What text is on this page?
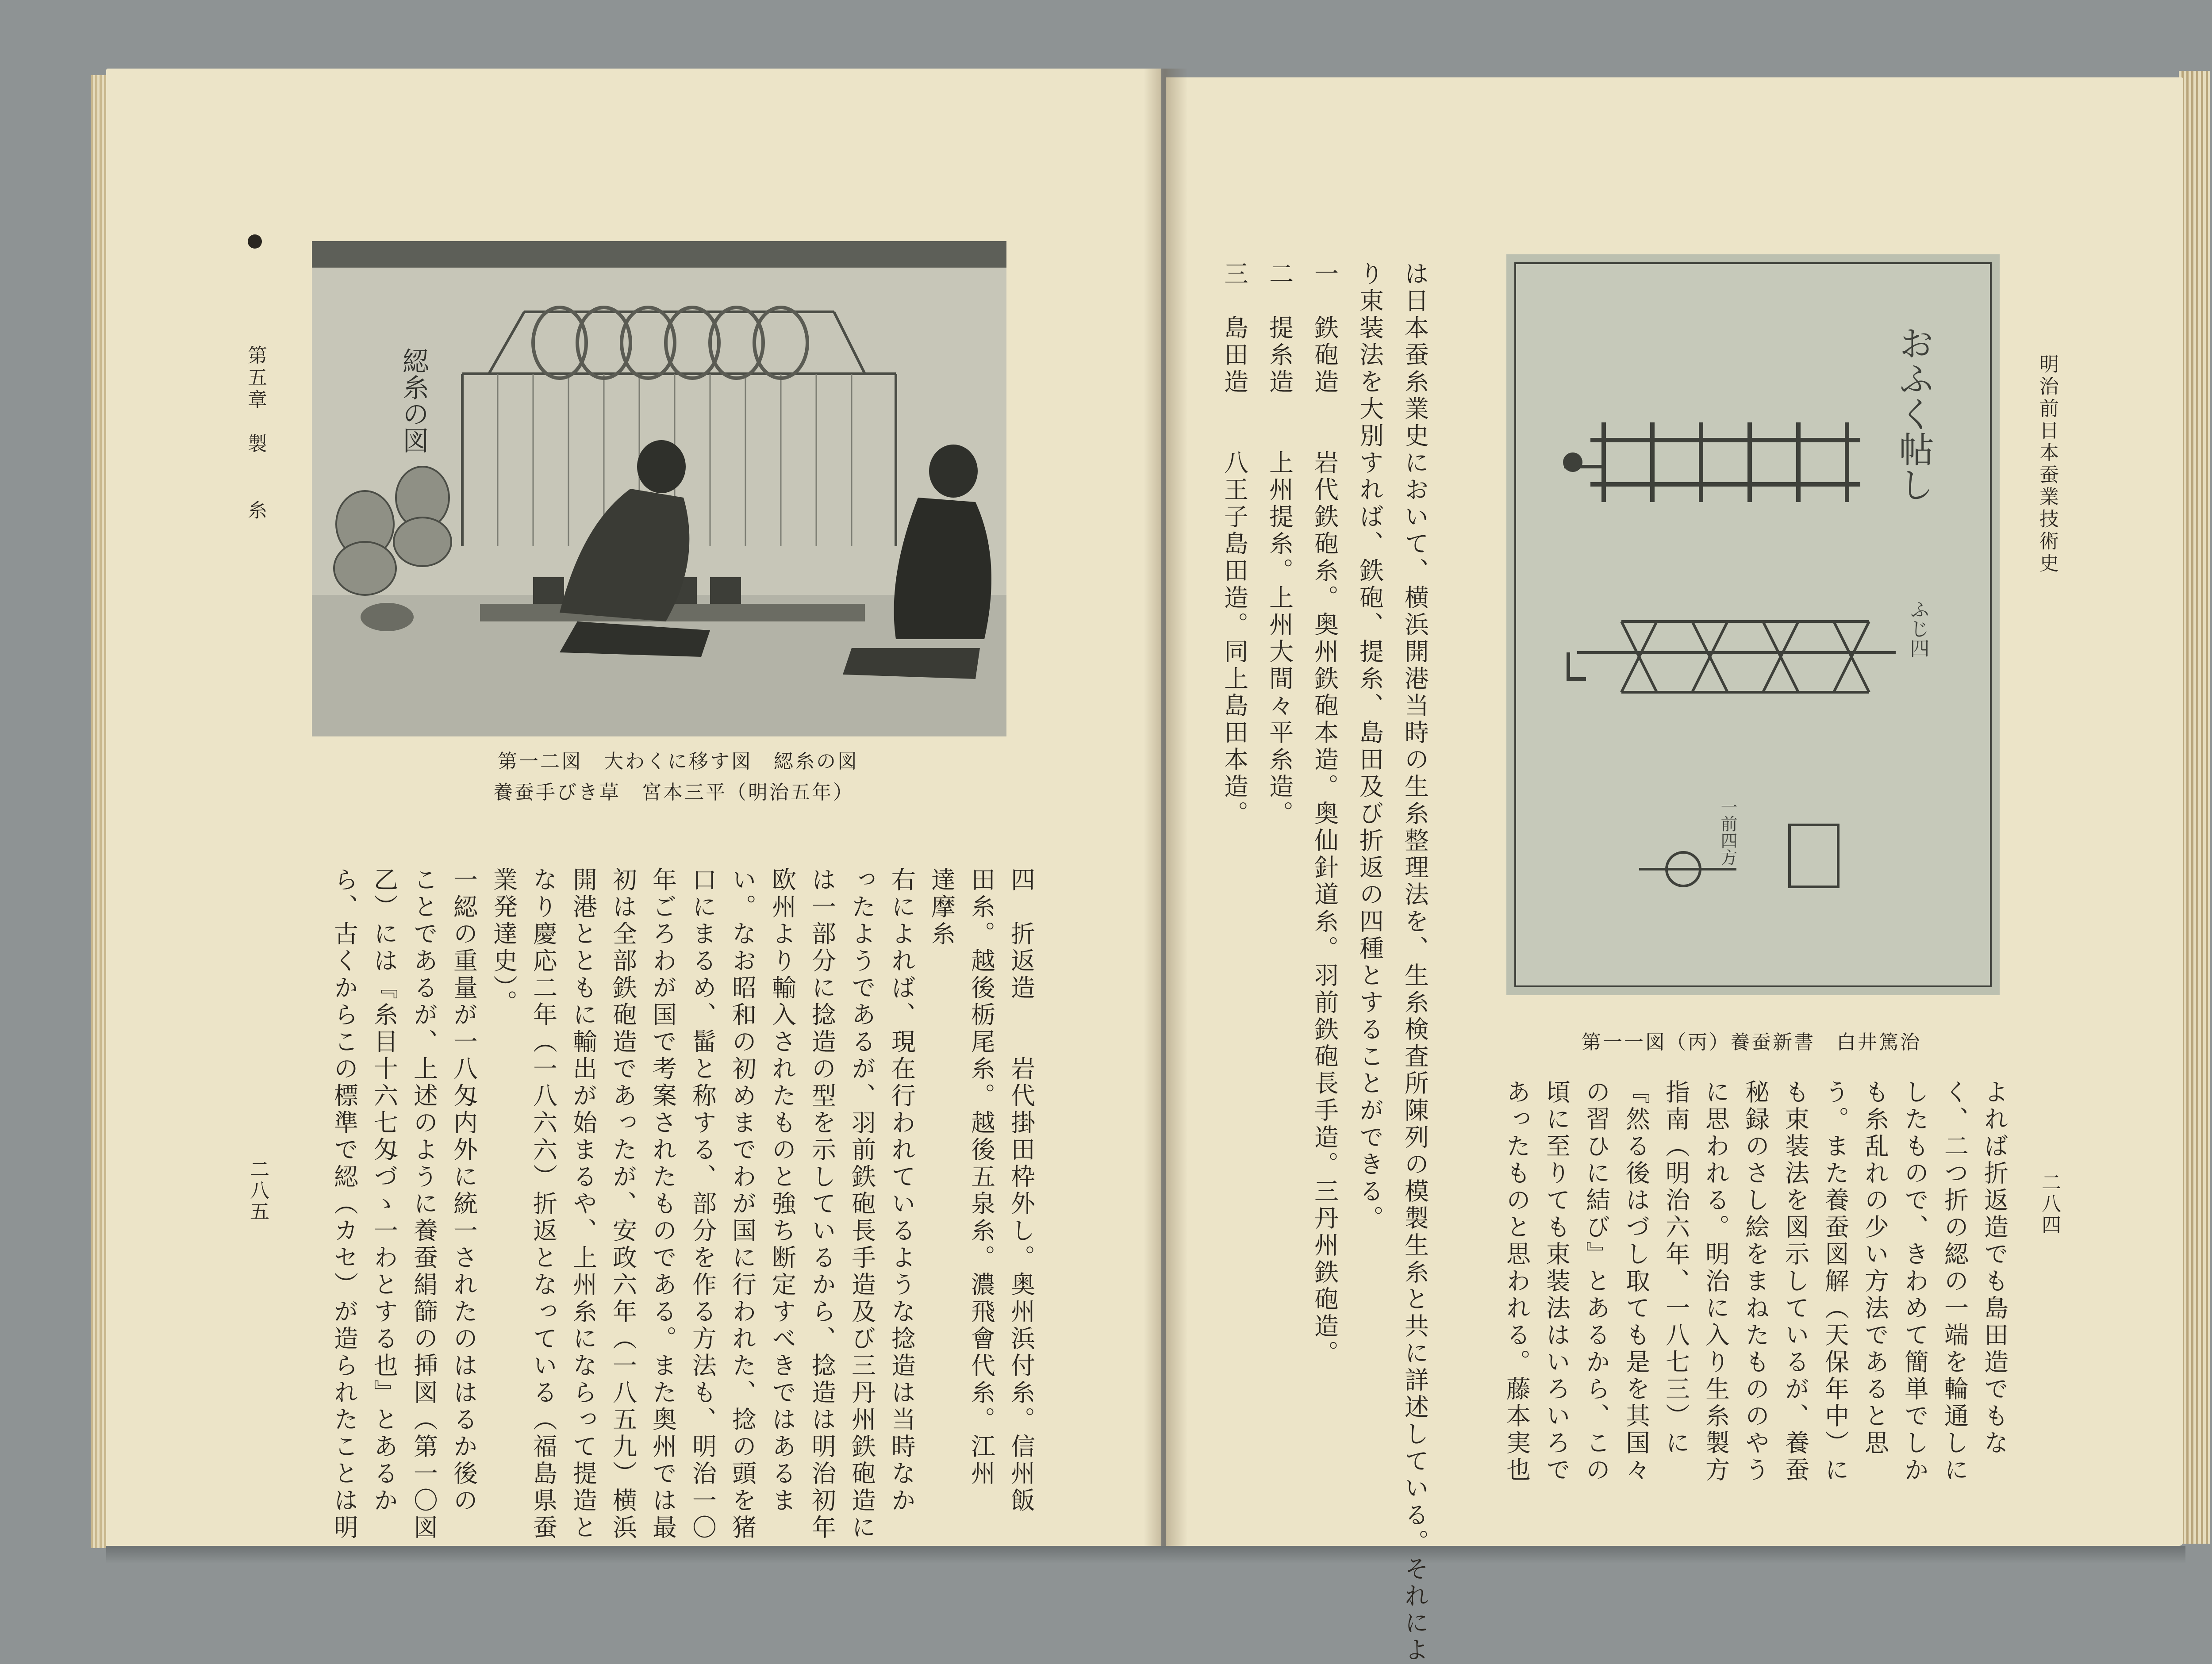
第五章　製　　糸
二八五
綛糸の図
第一二図　大わくに移す図　綛糸の図
養蚕手びき草　宮本三平（明治五年）
四　折返造　　岩代掛田枠外し。奥州浜付糸。信州飯
田糸。越後栃尾糸。越後五泉糸。濃飛會代糸。江州
達摩糸
右によれば、現在行われているような捻造は当時なか
ったようであるが、羽前鉄砲長手造及び三丹州鉄砲造に
は一部分に捻造の型を示しているから、捻造は明治初年
欧州より輸入されたものと強ち断定すべきではあるま
い。なお昭和の初めまでわが国に行われた、捻の頭を猪
口にまるめ、髷と称する、部分を作る方法も、明治一〇
年ごろわが国で考案されたものである。また奥州では最
初は全部鉄砲造であったが、安政六年（一八五九）横浜
開港とともに輸出が始まるや、上州糸にならって提造と
なり慶応二年（一八六六）折返となっている（福島県蚕
業発達史）。
一綛の重量が一八匁内外に統一されたのははるか後の
ことであるが、上述のように養蚕絹篩の挿図（第一〇図
乙）には『糸目十六七匁づゝ一わとする也』とあるか
ら、古くからこの標準で綛（カセ）が造られたことは明
明治前日本蚕業技術史
二八四
おふく帖し
ふじ四
一前四方
第一一図（丙）養蚕新書　白井篤治
は日本蚕糸業史において、横浜開港当時の生糸整理法を、生糸検査所陳列の模製生糸と共に詳述している。それによ
り束装法を大別すれば、鉄砲、提糸、島田及び折返の四種とすることができる。
一　鉄砲造　　岩代鉄砲糸。奥州鉄砲本造。奥仙針道糸。羽前鉄砲長手造。三丹州鉄砲造。
二　提糸造　　上州提糸。上州大間々平糸造。
三　島田造　　八王子島田造。同上島田本造。
よれば折返造でも島田造でもな
く、二つ折の綛の一端を輪通しに
したもので、きわめて簡単でしか
も糸乱れの少い方法であると思
う。また養蚕図解（天保年中）に
も束装法を図示しているが、養蚕
秘録のさし絵をまねたもののやう
に思われる。明治に入り生糸製方
指南（明治六年、一八七三）に
『然る後はづし取ても是を其国々
の習ひに結び』とあるから、この
頃に至りても束装法はいろいろで
あったものと思われる。藤本実也
